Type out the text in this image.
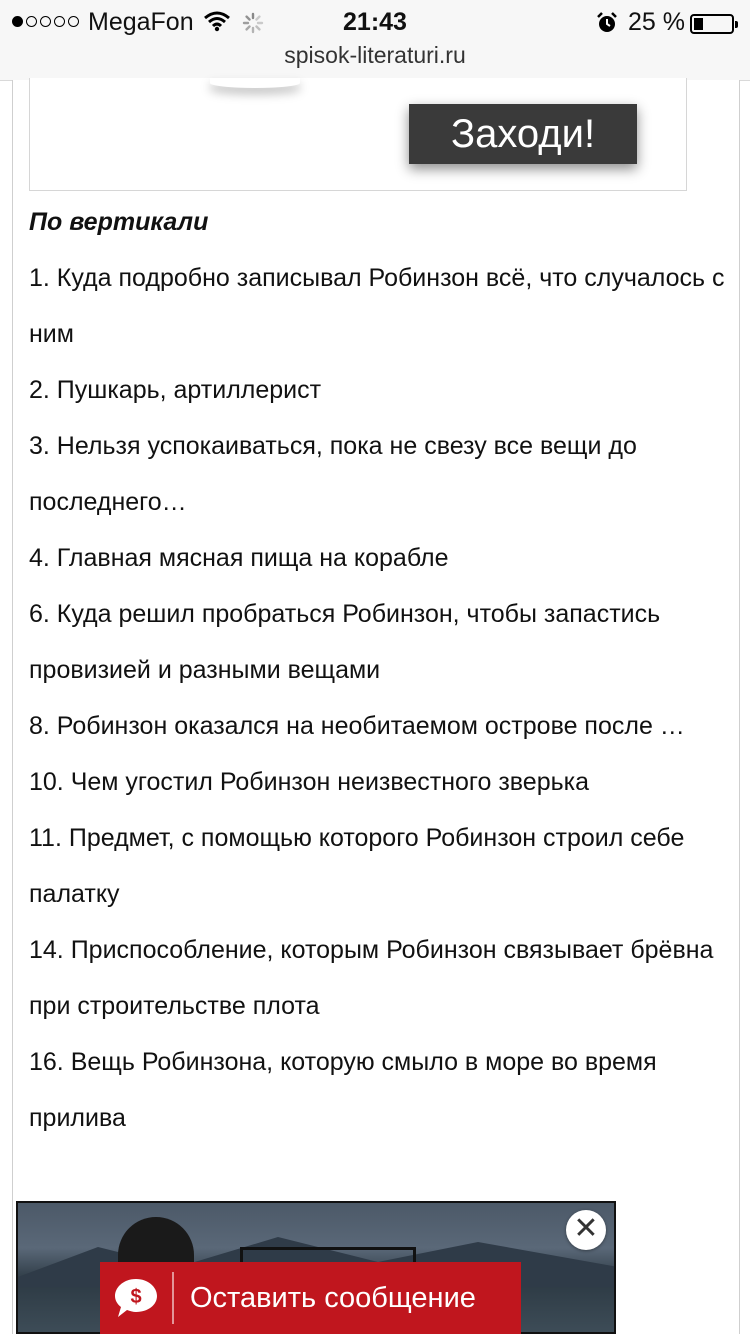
MegaFon	21:43	25 %
spisok-literaturi.ru
Заходи!
По вертикали
1. Куда подробно записывал Робинзон всё, что случалось с ним
2. Пушкарь, артиллерист
3. Нельзя успокаиваться, пока не свезу все вещи до последнего…
4. Главная мясная пища на корабле
6. Куда решил пробраться Робинзон, чтобы запастись провизией и разными вещами
8. Робинзон оказался на необитаемом острове после …
10. Чем угостил Робинзон неизвестного зверька
11. Предмет, с помощью которого Робинзон строил себе палатку
14. Приспособление, которым Робинзон связывает брёвна при строительстве плота
16. Вещь Робинзона, которую смыло в море во время прилива
✕
$ Оставить сообщение
